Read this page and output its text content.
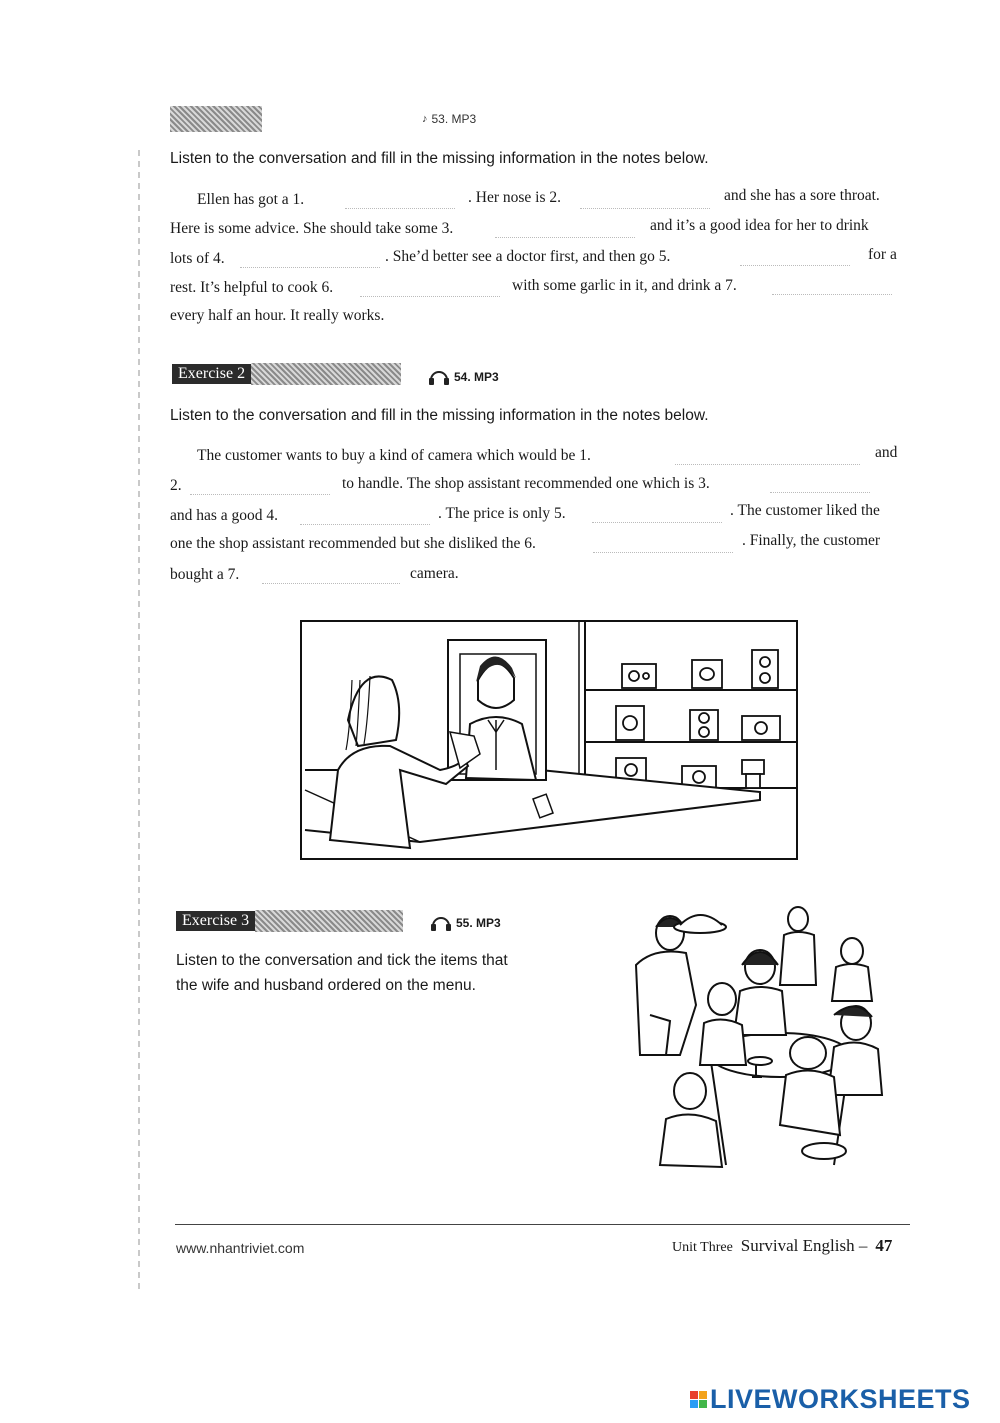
♪ 53. MP3
Listen to the conversation and fill in the missing information in the notes below.
Ellen has got a 1.	. Her nose is 2.	and she has a sore throat.
Here is some advice. She should take some 3.	and it’s a good idea for her to drink
lots of 4.	. She’d better see a doctor first, and then go 5.	for a
rest. It’s helpful to cook 6.	with some garlic in it, and drink a 7.
every half an hour. It really works.
Exercise 2	54. MP3
Listen to the conversation and fill in the missing information in the notes below.
The customer wants to buy a kind of camera which would be 1.	and
2.	to handle. The shop assistant recommended one which is 3.
and has a good 4.	. The price is only 5.	. The customer liked the
one the shop assistant recommended but she disliked the 6.	. Finally, the customer
bought a 7.	camera.
Exercise 3	55. MP3
Listen to the conversation and tick the items that
the wife and husband ordered on the menu.
www.nhantriviet.com	Unit Three Survival English – 47
LIVEWORKSHEETS
